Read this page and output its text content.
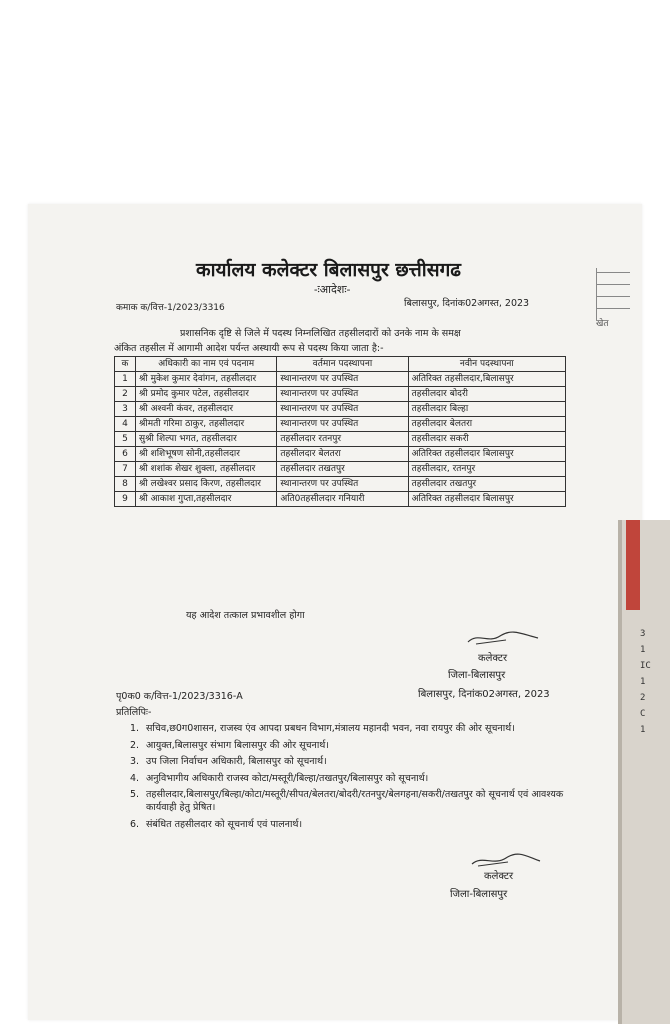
खेत
3
1
IC
1
2
C
1
कार्यालय कलेक्टर बिलासपुर छत्तीसगढ
-ःआदेशः-
कमाक क/वित्त-1/2023/3316	बिलासपुर, दिनांक02अगस्त, 2023
प्रशासनिक दृष्टि से जिले में पदस्थ निम्नलिखित तहसीलदारों को उनके नाम के समक्ष
अंकित तहसील में आगामी आदेश पर्यन्त अस्थायी रूप से पदस्थ किया जाता है:-
क	अधिकारी का नाम एवं पदनाम	वर्तमान पदस्थापना	नवीन पदस्थापना
1	श्री मुकेश कुमार देवांगन, तहसीलदार	स्थानान्तरण पर उपस्थित	अतिरिक्त तहसीलदार,बिलासपुर
2	श्री प्रमोद कुमार पटेल, तहसीलदार	स्थानान्तरण पर उपस्थित	तहसीलदार बोदरी
3	श्री अश्वनी कंवर, तहसीलदार	स्थानान्तरण पर उपस्थित	तहसीलदार बिल्हा
4	श्रीमती गरिमा ठाकुर, तहसीलदार	स्थानान्तरण पर उपस्थित	तहसीलदार बेलतरा
5	सुश्री शिल्पा भगत, तहसीलदार	तहसीलदार रतनपुर	तहसीलदार सकरी
6	श्री शशिभूषण सोनी,तहसीलदार	तहसीलदार बेलतरा	अतिरिक्त तहसीलदार बिलासपुर
7	श्री शशांक शेखर शुक्ला, तहसीलदार	तहसीलदार तखतपुर	तहसीलदार, रतनपुर
8	श्री लखेश्वर प्रसाद किरण, तहसीलदार	स्थानान्तरण पर उपस्थित	तहसीलदार तखतपुर
9	श्री आकाश गुप्ता,तहसीलदार	अति0तहसीलदार गनियारी	अतिरिक्त तहसीलदार बिलासपुर
यह आदेश तत्काल प्रभावशील होगा
कलेक्टर
जिला-बिलासपुर
पृ0क0 क/वित्त-1/2023/3316-A	बिलासपुर, दिनांक02अगस्त, 2023
प्रतिलिपिः-
1. सचिव,छ0ग0शासन, राजस्व एंव आपदा प्रबधन विभाग,मंत्रालय महानदी भवन, नवा रायपुर की ओर सूचनार्थ।
2. आयुक्त,बिलासपुर संभाग बिलासपुर की ओर सूचनार्थ।
3. उप जिला निर्वाचन अधिकारी, बिलासपुर को सूचनार्थ।
4. अनुविभागीय अधिकारी राजस्व कोटा/मस्तूरी/बिल्हा/तखतपुर/बिलासपुर को सूचनार्थ।
5. तहसीलदार,बिलासपुर/बिल्हा/कोटा/मस्तूरी/सीपत/बेलतरा/बोदरी/रतनपुर/बेलगहना/सकरी/तखतपुर को सूचनार्थ एवं आवश्यक कार्यवाही हेतु प्रेषित।
6. संबंधित तहसीलदार को सूचनार्थ एवं पालनार्थ।
कलेक्टर
जिला-बिलासपुर
